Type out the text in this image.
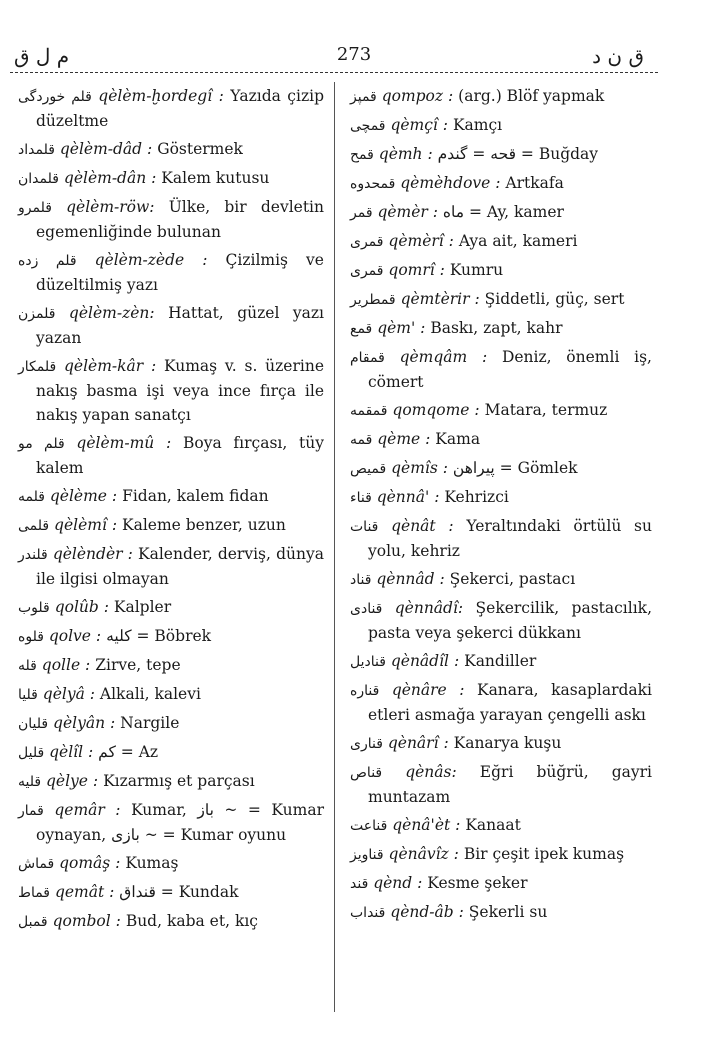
م ل ق	273	ق ن د

قلم خوردگی qèlèm-ḫordegî : Yazıda çizip düzeltme

قلمداد qèlèm-dâd : Göstermek

قلمدان qèlèm-dân : Kalem kutusu

قلمرو qèlèm-röw: Ülke, bir devletin egemenliğinde bulunan

قلم زده qèlèm-zède : Çizilmiş ve düzeltilmiş yazı

قلمزن qèlèm-zèn: Hattat, güzel yazı yazan

قلمکار qèlèm-kâr : Kumaş v. s. üzerine nakış basma işi veya ince fırça ile nakış yapan sanatçı

قلم مو qèlèm-mû : Boya fırçası, tüy kalem

قلمه qèlème : Fidan, kalem fidan

قلمی qèlèmî : Kaleme benzer, uzun

قلندر qèlèndèr : Kalender, derviş, dünya ile ilgisi olmayan

قلوب qolûb : Kalpler

قلوه qolve : کلیه = Böbrek

قله qolle : Zirve, tepe

قلیا qèlyâ : Alkali, kalevi

قلیان qèlyân : Nargile

قلیل qèlîl : کم = Az

قلیه qèlye : Kızarmış et parçası

قمار qemâr : Kumar, باز ~ = Kumar oynayan, بازی ~ = Kumar oyunu

قماش qomâş : Kumaş

قماط qemât : قنداق = Kundak

قمبل qombol : Bud, kaba et, kıç

قمپز qompoz : (arg.) Blöf yapmak

قمچی qèmçî : Kamçı

قمح qèmh : قحه = گندم = Buğday

قمحدوه qèmèhdove : Artkafa

قمر qèmèr : ماه = Ay, kamer

قمری qèmèrî : Aya ait, kameri

قمری qomrî : Kumru

قمطریر qèmtèrir : Şiddetli, güç, sert

قمع qèm' : Baskı, zapt, kahr

قمقام qèmqâm : Deniz, önemli iş, cömert

قمقمه qomqome : Matara, termuz

قمه qème : Kama

قمیص qèmîs : پیراهن = Gömlek

قناء qènnâ' : Kehrizci

قنات qènât : Yeraltındaki örtülü su yolu, kehriz

قناد qènnâd : Şekerci, pastacı

قنادی qènnâdî: Şekercilik, pastacılık, pasta veya şekerci dükkanı

قنادیل qènâdîl : Kandiller

قناره qènâre : Kanara, kasaplardaki etleri asmağa yarayan çengelli askı

قناری qènârî : Kanarya kuşu

قناص qènâs: Eğri büğrü, gayri muntazam

قناعت qènâ'èt : Kanaat

قناویز qènâvîz : Bir çeşit ipek kumaş

قند qènd : Kesme şeker

قنداب qènd-âb : Şekerli su
